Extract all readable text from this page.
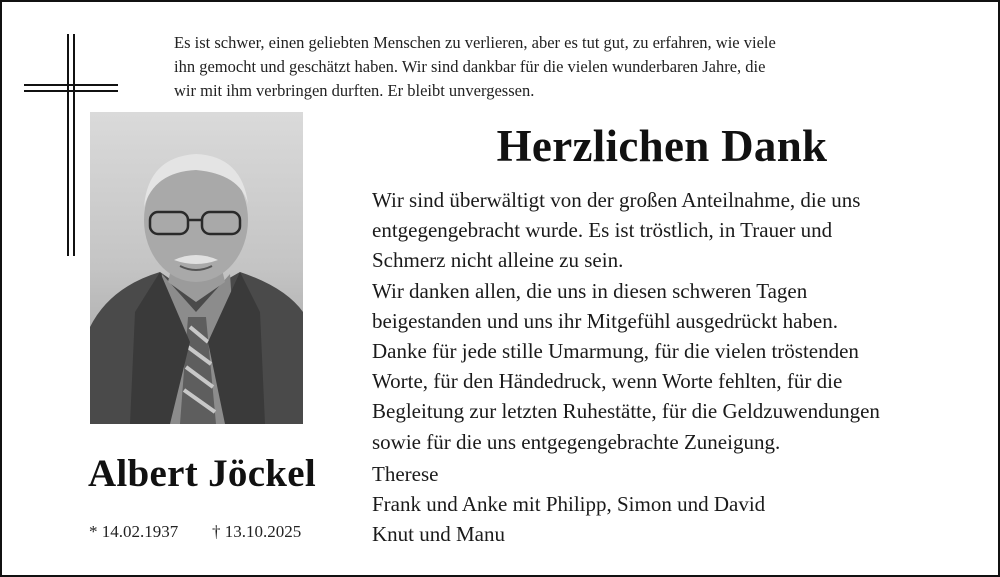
Es ist schwer, einen geliebten Menschen zu verlieren, aber es tut gut, zu erfahren, wie viele

ihn gemocht und geschätzt haben. Wir sind dankbar für die vielen wunderbaren Jahre, die

wir mit ihm verbringen durften. Er bleibt unvergessen.

Albert Jöckel
* 14.02.1937 † 13.10.2025
Herzlichen Dank

Wir sind überwältigt von der großen Anteilnahme, die uns

entgegengebracht wurde. Es ist tröstlich, in Trauer und

Schmerz nicht alleine zu sein.

Wir danken allen, die uns in diesen schweren Tagen

beigestanden und uns ihr Mitgefühl ausgedrückt haben.

Danke für jede stille Umarmung, für die vielen tröstenden

Worte, für den Händedruck, wenn Worte fehlten, für die

Begleitung zur letzten Ruhestätte, für die Geldzuwendungen

sowie für die uns entgegengebrachte Zuneigung.

Therese
Frank und Anke mit Philipp, Simon und David
Knut und Manu
